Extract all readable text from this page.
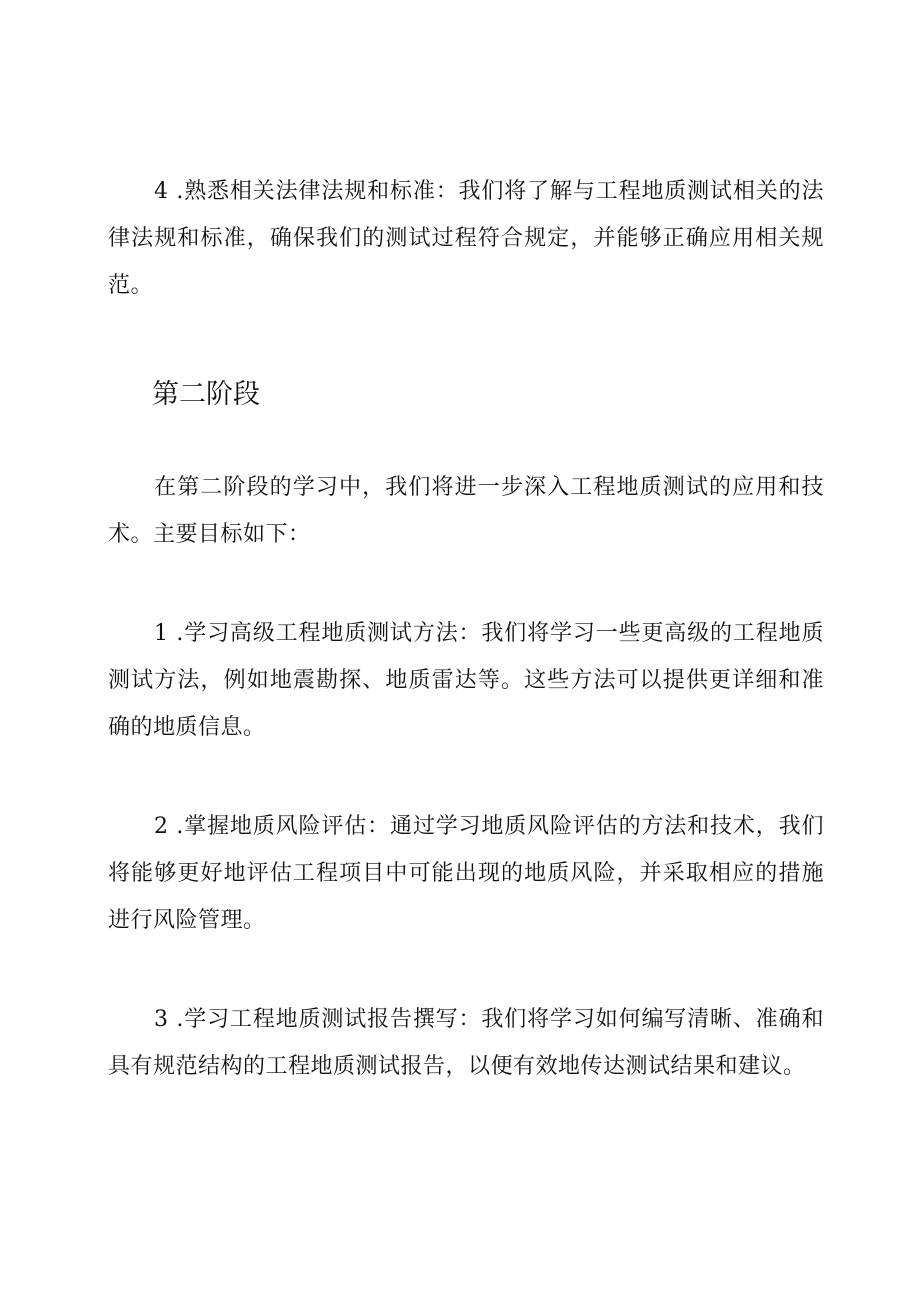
4 .熟悉相关法律法规和标准：我们将了解与工程地质测试相关的法律法规和标准，确保我们的测试过程符合规定，并能够正确应用相关规范。

第二阶段

在第二阶段的学习中，我们将进一步深入工程地质测试的应用和技术。主要目标如下：

1 .学习高级工程地质测试方法：我们将学习一些更高级的工程地质测试方法，例如地震勘探、地质雷达等。这些方法可以提供更详细和准确的地质信息。

2 .掌握地质风险评估：通过学习地质风险评估的方法和技术，我们将能够更好地评估工程项目中可能出现的地质风险，并采取相应的措施进行风险管理。

3 .学习工程地质测试报告撰写：我们将学习如何编写清晰、准确和具有规范结构的工程地质测试报告，以便有效地传达测试结果和建议。
